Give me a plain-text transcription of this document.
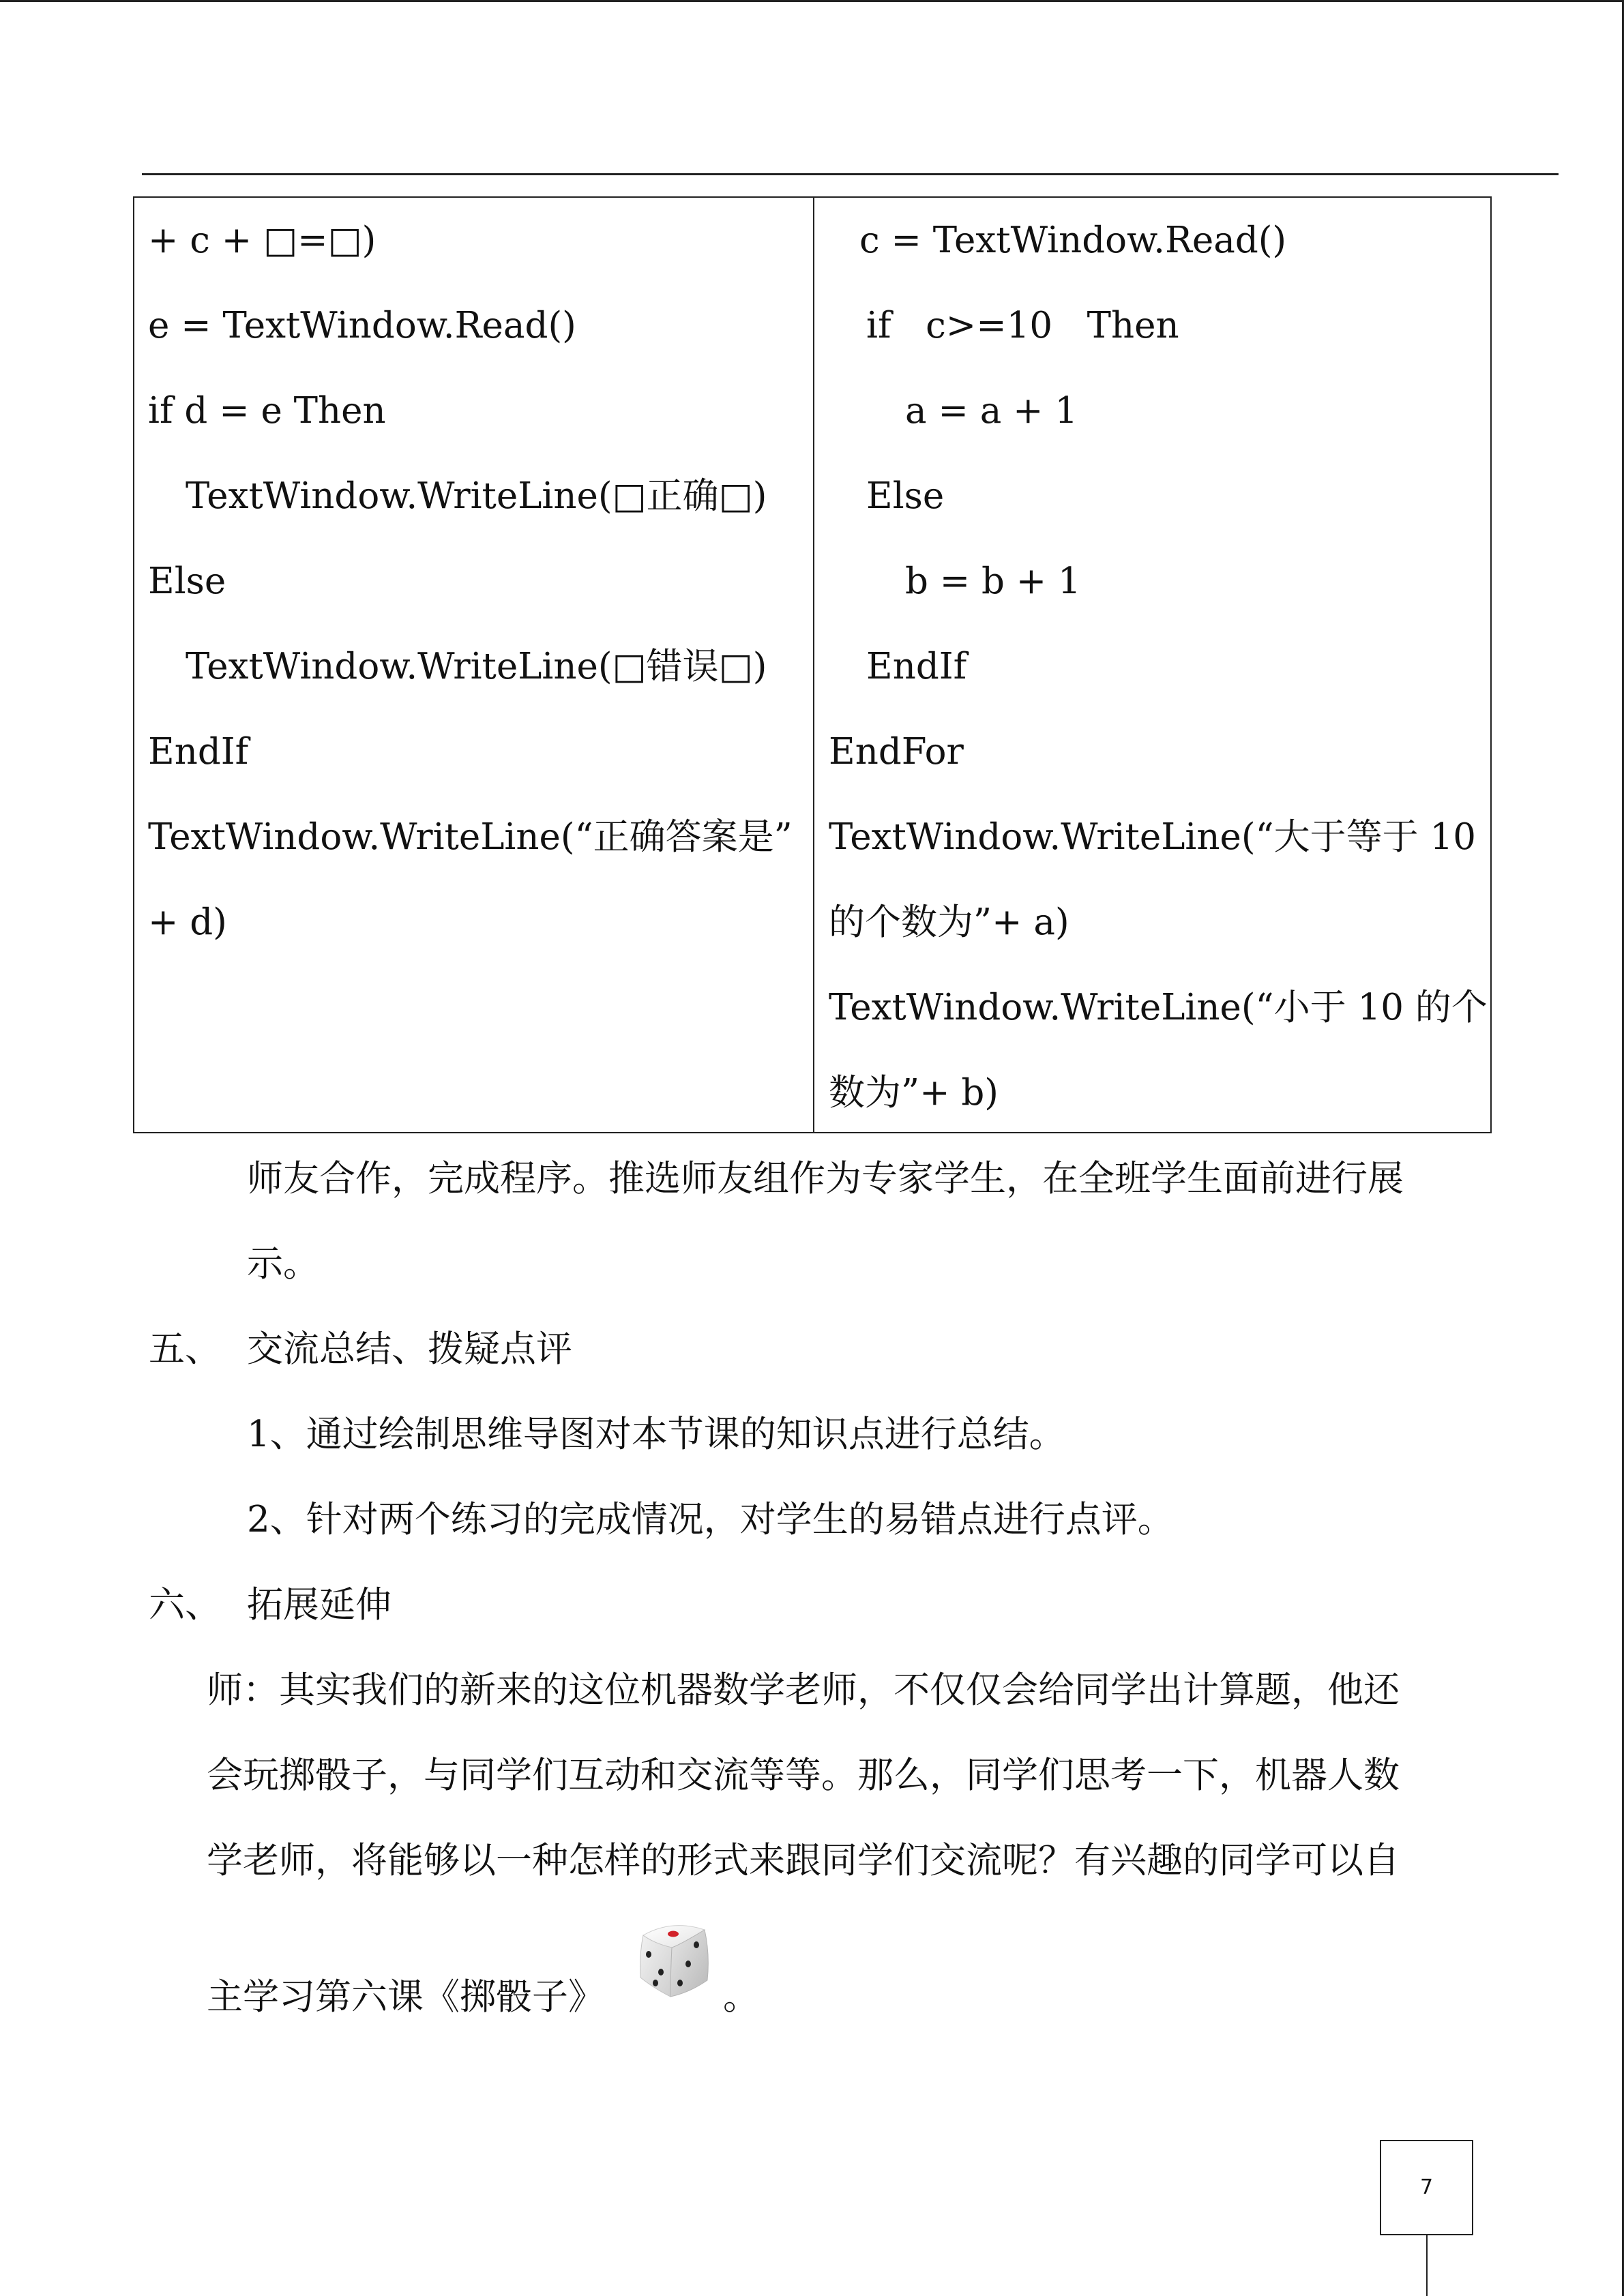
+ c + □=□)
e = TextWindow.Read()
if d = e Then
TextWindow.WriteLine(□正确□)
Else
TextWindow.WriteLine(□错误□)
EndIf
TextWindow.WriteLine(“正确答案是”
+ d)
c = TextWindow.Read()
if   c>=10   Then
a = a + 1
Else
b = b + 1
EndIf
EndFor
TextWindow.WriteLine(“大于等于 10
的个数为”+ a)
TextWindow.WriteLine(“小于 10 的个
数为”+ b)
师友合作，完成程序。推选师友组作为专家学生，在全班学生面前进行展
示。
五、 交流总结、拨疑点评
1、通过绘制思维导图对本节课的知识点进行总结。
2、针对两个练习的完成情况，对学生的易错点进行点评。
六、 拓展延伸
师：其实我们的新来的这位机器数学老师，不仅仅会给同学出计算题，他还
会玩掷骰子，与同学们互动和交流等等。那么，同学们思考一下，机器人数
学老师，将能够以一种怎样的形式来跟同学们交流呢？有兴趣的同学可以自
主学习第六课《掷骰子》	。
7
